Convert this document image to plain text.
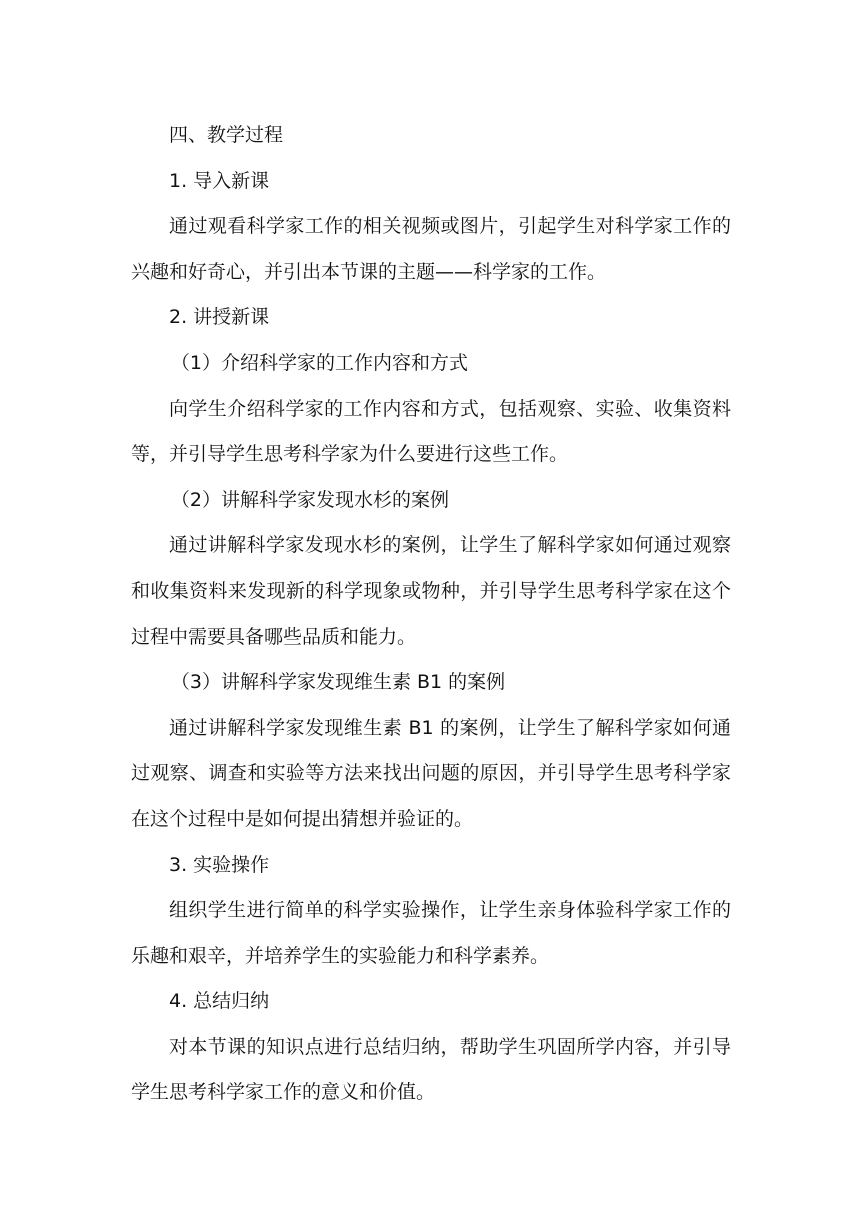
四、教学过程

1. 导入新课

通过观看科学家工作的相关视频或图片，引起学生对科学家工作的兴趣和好奇心，并引出本节课的主题——科学家的工作。

2. 讲授新课

（1）介绍科学家的工作内容和方式

向学生介绍科学家的工作内容和方式，包括观察、实验、收集资料等，并引导学生思考科学家为什么要进行这些工作。

（2）讲解科学家发现水杉的案例

通过讲解科学家发现水杉的案例，让学生了解科学家如何通过观察和收集资料来发现新的科学现象或物种，并引导学生思考科学家在这个过程中需要具备哪些品质和能力。

（3）讲解科学家发现维生素 B1 的案例

通过讲解科学家发现维生素 B1 的案例，让学生了解科学家如何通过观察、调查和实验等方法来找出问题的原因，并引导学生思考科学家在这个过程中是如何提出猜想并验证的。

3. 实验操作

组织学生进行简单的科学实验操作，让学生亲身体验科学家工作的乐趣和艰辛，并培养学生的实验能力和科学素养。

4. 总结归纳

对本节课的知识点进行总结归纳，帮助学生巩固所学内容，并引导学生思考科学家工作的意义和价值。
